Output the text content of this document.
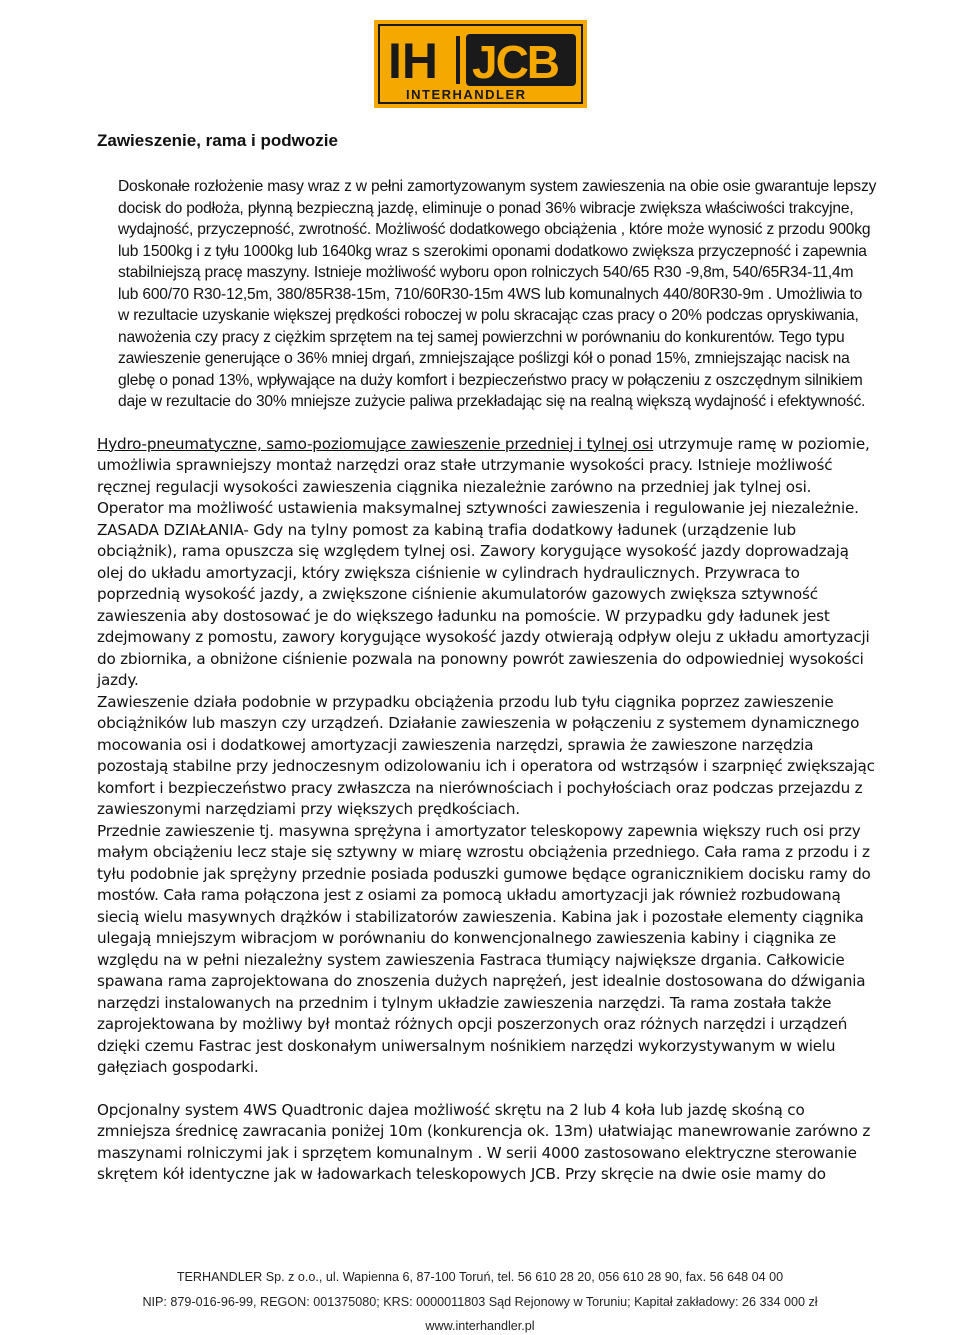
IH JCB
INTERHANDLER
Zawieszenie, rama i podwozie

Doskonałe rozłożenie masy wraz z w pełni zamortyzowanym system zawieszenia na obie osie gwarantuje lepszy docisk do podłoża, płynną bezpieczną jazdę, eliminuje o ponad 36% wibracje zwiększa właściwości trakcyjne, wydajność, przyczepność, zwrotność. Możliwość dodatkowego obciążenia , które może wynosić z przodu 900kg lub 1500kg i z tyłu 1000kg lub 1640kg wraz s szerokimi oponami dodatkowo zwiększa przyczepność i zapewnia stabilniejszą pracę maszyny. Istnieje możliwość wyboru opon rolniczych 540/65 R30 -9,8m, 540/65R34-11,4m lub 600/70 R30-12,5m, 380/85R38-15m, 710/60R30-15m 4WS lub komunalnych 440/80R30-9m . Umożliwia to w rezultacie uzyskanie większej prędkości roboczej w polu skracając czas pracy o 20% podczas opryskiwania, nawożenia czy pracy z ciężkim sprzętem na tej samej powierzchni w porównaniu do konkurentów. Tego typu zawieszenie generujące o 36% mniej drgań, zmniejszające poślizgi kół o ponad 15%, zmniejszając nacisk na glebę o ponad 13%, wpływające na duży komfort i bezpieczeństwo pracy w połączeniu z oszczędnym silnikiem daje w rezultacie do 30% mniejsze zużycie paliwa przekładając się na realną większą wydajność i efektywność.

Hydro-pneumatyczne, samo-poziomujące zawieszenie przedniej i tylnej osi utrzymuje ramę w poziomie, umożliwia sprawniejszy montaż narzędzi oraz stałe utrzymanie wysokości pracy. Istnieje możliwość ręcznej regulacji wysokości zawieszenia ciągnika niezależnie zarówno na przedniej jak tylnej osi. Operator ma możliwość ustawienia maksymalnej sztywności zawieszenia i regulowanie jej niezależnie. ZASADA DZIAŁANIA- Gdy na tylny pomost za kabiną trafia dodatkowy ładunek (urządzenie lub obciążnik), rama opuszcza się względem tylnej osi. Zawory korygujące wysokość jazdy doprowadzają olej do układu amortyzacji, który zwiększa ciśnienie w cylindrach hydraulicznych. Przywraca to poprzednią wysokość jazdy, a zwiększone ciśnienie akumulatorów gazowych zwiększa sztywność zawieszenia aby dostosować je do większego ładunku na pomoście. W przypadku gdy ładunek jest zdejmowany z pomostu, zawory korygujące wysokość jazdy otwierają odpływ oleju z układu amortyzacji do zbiornika, a obniżone ciśnienie pozwala na ponowny powrót zawieszenia do odpowiedniej wysokości jazdy.

Zawieszenie działa podobnie w przypadku obciążenia przodu lub tyłu ciągnika poprzez zawieszenie obciążników lub maszyn czy urządzeń. Działanie zawieszenia w połączeniu z systemem dynamicznego mocowania osi i dodatkowej amortyzacji zawieszenia narzędzi, sprawia że zawieszone narzędzia pozostają stabilne przy jednoczesnym odizolowaniu ich i operatora od wstrząsów i szarpnięć zwiększając komfort i bezpieczeństwo pracy zwłaszcza na nierównościach i pochyłościach oraz podczas przejazdu z zawieszonymi narzędziami przy większych prędkościach.

Przednie zawieszenie tj. masywna sprężyna i amortyzator teleskopowy zapewnia większy ruch osi przy małym obciążeniu lecz staje się sztywny w miarę wzrostu obciążenia przedniego. Cała rama z przodu i z tyłu podobnie jak sprężyny przednie posiada poduszki gumowe będące ogranicznikiem docisku ramy do mostów. Cała rama połączona jest z osiami za pomocą układu amortyzacji jak również rozbudowaną siecią wielu masywnych drążków i stabilizatorów zawieszenia. Kabina jak i pozostałe elementy ciągnika ulegają mniejszym wibracjom w porównaniu do konwencjonalnego zawieszenia kabiny i ciągnika ze względu na w pełni niezależny system zawieszenia Fastraca tłumiący największe drgania. Całkowicie spawana rama zaprojektowana do znoszenia dużych naprężeń, jest idealnie dostosowana do dźwigania narzędzi instalowanych na przednim i tylnym układzie zawieszenia narzędzi. Ta rama została także zaprojektowana by możliwy był montaż różnych opcji poszerzonych oraz różnych narzędzi i urządzeń dzięki czemu Fastrac jest doskonałym uniwersalnym nośnikiem narzędzi wykorzystywanym w wielu gałęziach gospodarki.

Opcjonalny system 4WS Quadtronic dajea możliwość skrętu na 2 lub 4 koła lub jazdę skośną co zmniejsza średnicę zawracania poniżej 10m (konkurencja ok. 13m) ułatwiając manewrowanie zarówno z maszynami rolniczymi jak i sprzętem komunalnym . W serii 4000 zastosowano elektryczne sterowanie skrętem kół identyczne jak w ładowarkach teleskopowych JCB. Przy skręcie na dwie osie mamy do

TERHANDLER Sp. z o.o., ul. Wapienna 6, 87-100 Toruń, tel. 56 610 28 20, 056 610 28 90, fax. 56 648 04 00

NIP: 879-016-96-99, REGON: 001375080; KRS: 0000011803 Sąd Rejonowy w Toruniu; Kapitał zakładowy: 26 334 000 zł

www.interhandler.pl
